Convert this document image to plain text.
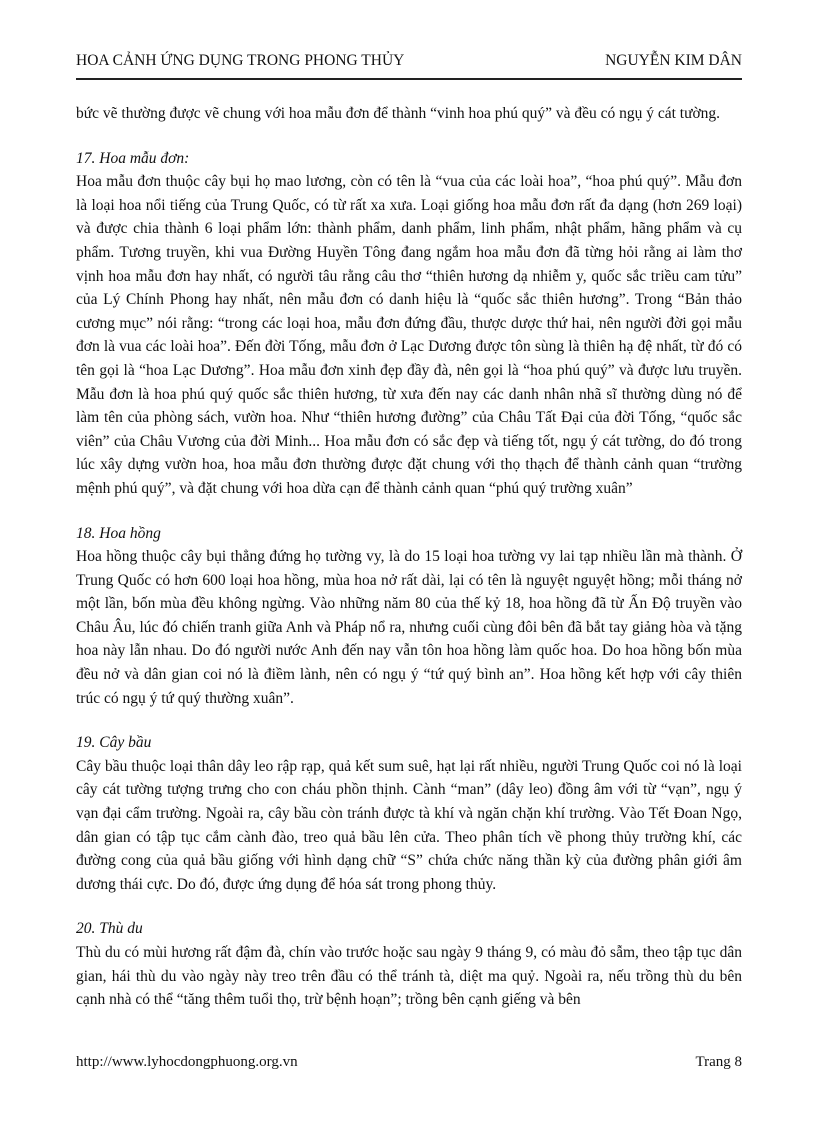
HOA CẢNH ỨNG DỤNG TRONG PHONG THỦY	NGUYỄN KIM DÂN

bức vẽ thường được vẽ chung với hoa mẫu đơn để thành “vinh hoa phú quý” và đều có ngụ ý cát tường.

17. Hoa mẫu đơn:

Hoa mẫu đơn thuộc cây bụi họ mao lương, còn có tên là “vua của các loài hoa”, “hoa phú quý”. Mẫu đơn là loại hoa nổi tiếng của Trung Quốc, có từ rất xa xưa. Loại giống hoa mẫu đơn rất đa dạng (hơn 269 loại) và được chia thành 6 loại phẩm lớn: thành phẩm, danh phẩm, linh phẩm, nhật phẩm, hãng phẩm và cụ phẩm. Tương truyền, khi vua Đường Huyền Tông đang ngắm hoa mẫu đơn đã từng hỏi rằng ai làm thơ vịnh hoa mẫu đơn hay nhất, có người tâu rằng câu thơ “thiên hương dạ nhiễm y, quốc sắc triều cam tửu” của Lý Chính Phong hay nhất, nên mẫu đơn có danh hiệu là “quốc sắc thiên hương”. Trong “Bản thảo cương mục” nói rằng: “trong các loại hoa, mẫu đơn đứng đầu, thược dược thứ hai, nên người đời gọi mẫu đơn là vua các loài hoa”. Đến đời Tống, mẫu đơn ở Lạc Dương được tôn sùng là thiên hạ đệ nhất, từ đó có tên gọi là “hoa Lạc Dương”. Hoa mẫu đơn xinh đẹp đầy đà, nên gọi là “hoa phú quý” và được lưu truyền. Mẫu đơn là hoa phú quý quốc sắc thiên hương, từ xưa đến nay các danh nhân nhã sĩ thường dùng nó để làm tên của phòng sách, vườn hoa. Như “thiên hương đường” của Châu Tất Đại của đời Tống, “quốc sắc viên” của Châu Vương của đời Minh... Hoa mẫu đơn có sắc đẹp và tiếng tốt, ngụ ý cát tường, do đó trong lúc xây dựng vườn hoa, hoa mẫu đơn thường được đặt chung với thọ thạch để thành cảnh quan “trường mệnh phú quý”, và đặt chung với hoa dừa cạn để thành cảnh quan “phú quý trường xuân”

18. Hoa hồng

Hoa hồng thuộc cây bụi thẳng đứng họ tường vy, là do 15 loại hoa tường vy lai tạp nhiều lần mà thành. Ở Trung Quốc có hơn 600 loại hoa hồng, mùa hoa nở rất dài, lại có tên là nguyệt nguyệt hồng; mỗi tháng nở một lần, bốn mùa đều không ngừng. Vào những năm 80 của thế kỷ 18, hoa hồng đã từ Ấn Độ truyền vào Châu Âu, lúc đó chiến tranh giữa Anh và Pháp nổ ra, nhưng cuối cùng đôi bên đã bắt tay giảng hòa và tặng hoa này lẫn nhau. Do đó người nước Anh đến nay vẫn tôn hoa hồng làm quốc hoa. Do hoa hồng bốn mùa đều nở và dân gian coi nó là điềm lành, nên có ngụ ý “tứ quý bình an”. Hoa hồng kết hợp với cây thiên trúc có ngụ ý tứ quý thường xuân”.

19. Cây bầu

Cây bầu thuộc loại thân dây leo rập rạp, quả kết sum suê, hạt lại rất nhiều, người Trung Quốc coi nó là loại cây cát tường tượng trưng cho con cháu phồn thịnh. Cành “man” (dây leo) đồng âm với từ “vạn”, ngụ ý vạn đại cẩm trường. Ngoài ra, cây bầu còn tránh được tà khí và ngăn chặn khí trường. Vào Tết Đoan Ngọ, dân gian có tập tục cắm cành đào, treo quả bầu lên cửa. Theo phân tích về phong thủy trường khí, các đường cong của quả bầu giống với hình dạng chữ “S” chứa chức năng thần kỳ của đường phân giới âm dương thái cực. Do đó, được ứng dụng để hóa sát trong phong thủy.

20. Thù du

Thù du có mùi hương rất đậm đà, chín vào trước hoặc sau ngày 9 tháng 9, có màu đỏ sẫm, theo tập tục dân gian, hái thù du vào ngày này treo trên đầu có thể tránh tà, diệt ma quỷ. Ngoài ra, nếu trồng thù du bên cạnh nhà có thể “tăng thêm tuổi thọ, trừ bệnh hoạn”; trồng bên cạnh giếng và bên

http://www.lyhocdongphuong.org.vn	Trang 8
